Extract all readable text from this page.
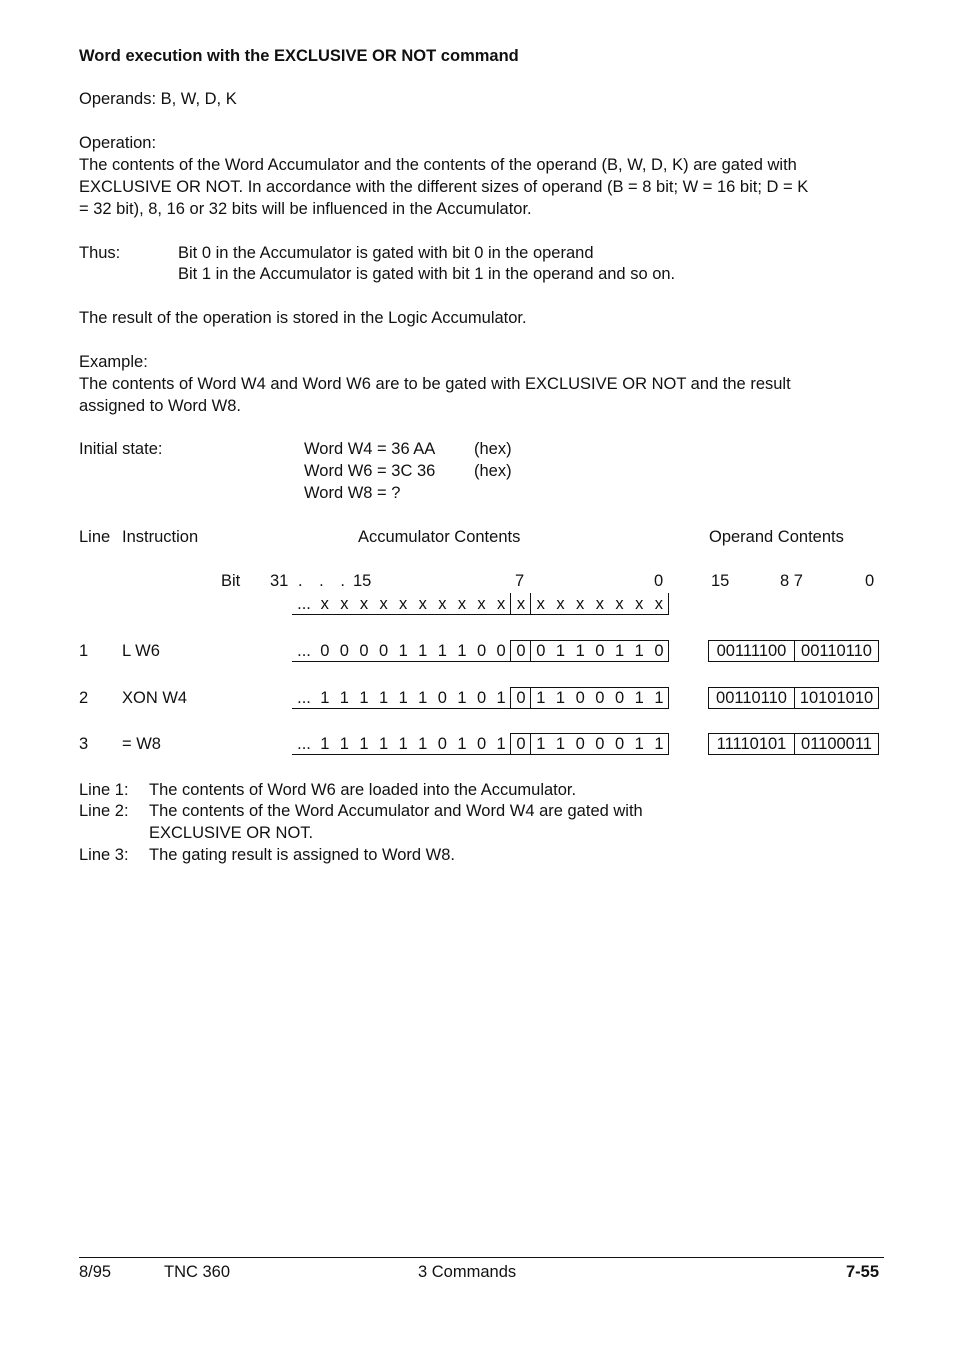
Word execution with the EXCLUSIVE OR NOT command
Operands: B, W, D, K
Operation:
The contents of the Word Accumulator and the contents of the operand (B, W, D, K) are gated with
EXCLUSIVE OR NOT. In accordance with the different sizes of operand (B = 8 bit; W = 16 bit; D = K
= 32 bit), 8, 16 or 32 bits will be influenced in the Accumulator.
Thus:	Bit 0 in the Accumulator is gated with bit 0 in the operand
Bit 1 in the Accumulator is gated with bit 1 in the operand and so on.
The result of the operation is stored in the Logic Accumulator.
Example:
The contents of Word W4 and Word W6 are to be gated with EXCLUSIVE OR NOT and the result
assigned to Word W8.
Initial state:	Word W4 = 36 AA (hex)
Word W6 = 3C 36 (hex)
Word W8 = ?
Line Instruction	Accumulator Contents	Operand Contents
Bit 31 . . . 15	7	0	15	8 7	0
... x x x x x x x x x x x x x x x x x x
1 L W6	... 0 0 0 0 1 1 1 1 0 0 0 0 1 1 0 1 1 0	00111100 00110110
2 XON W4	... 1 1 1 1 1 1 0 1 0 1 0 1 1 0 0 0 1 1	00110110 10101010
3 = W8	... 1 1 1 1 1 1 0 1 0 1 0 1 1 0 0 0 1 1	11110101 01100011
Line 1: The contents of Word W6 are loaded into the Accumulator.
Line 2: The contents of the Word Accumulator and Word W4 are gated with
EXCLUSIVE OR NOT.
Line 3: The gating result is assigned to Word W8.
8/95	TNC 360	3 Commands	7-55
